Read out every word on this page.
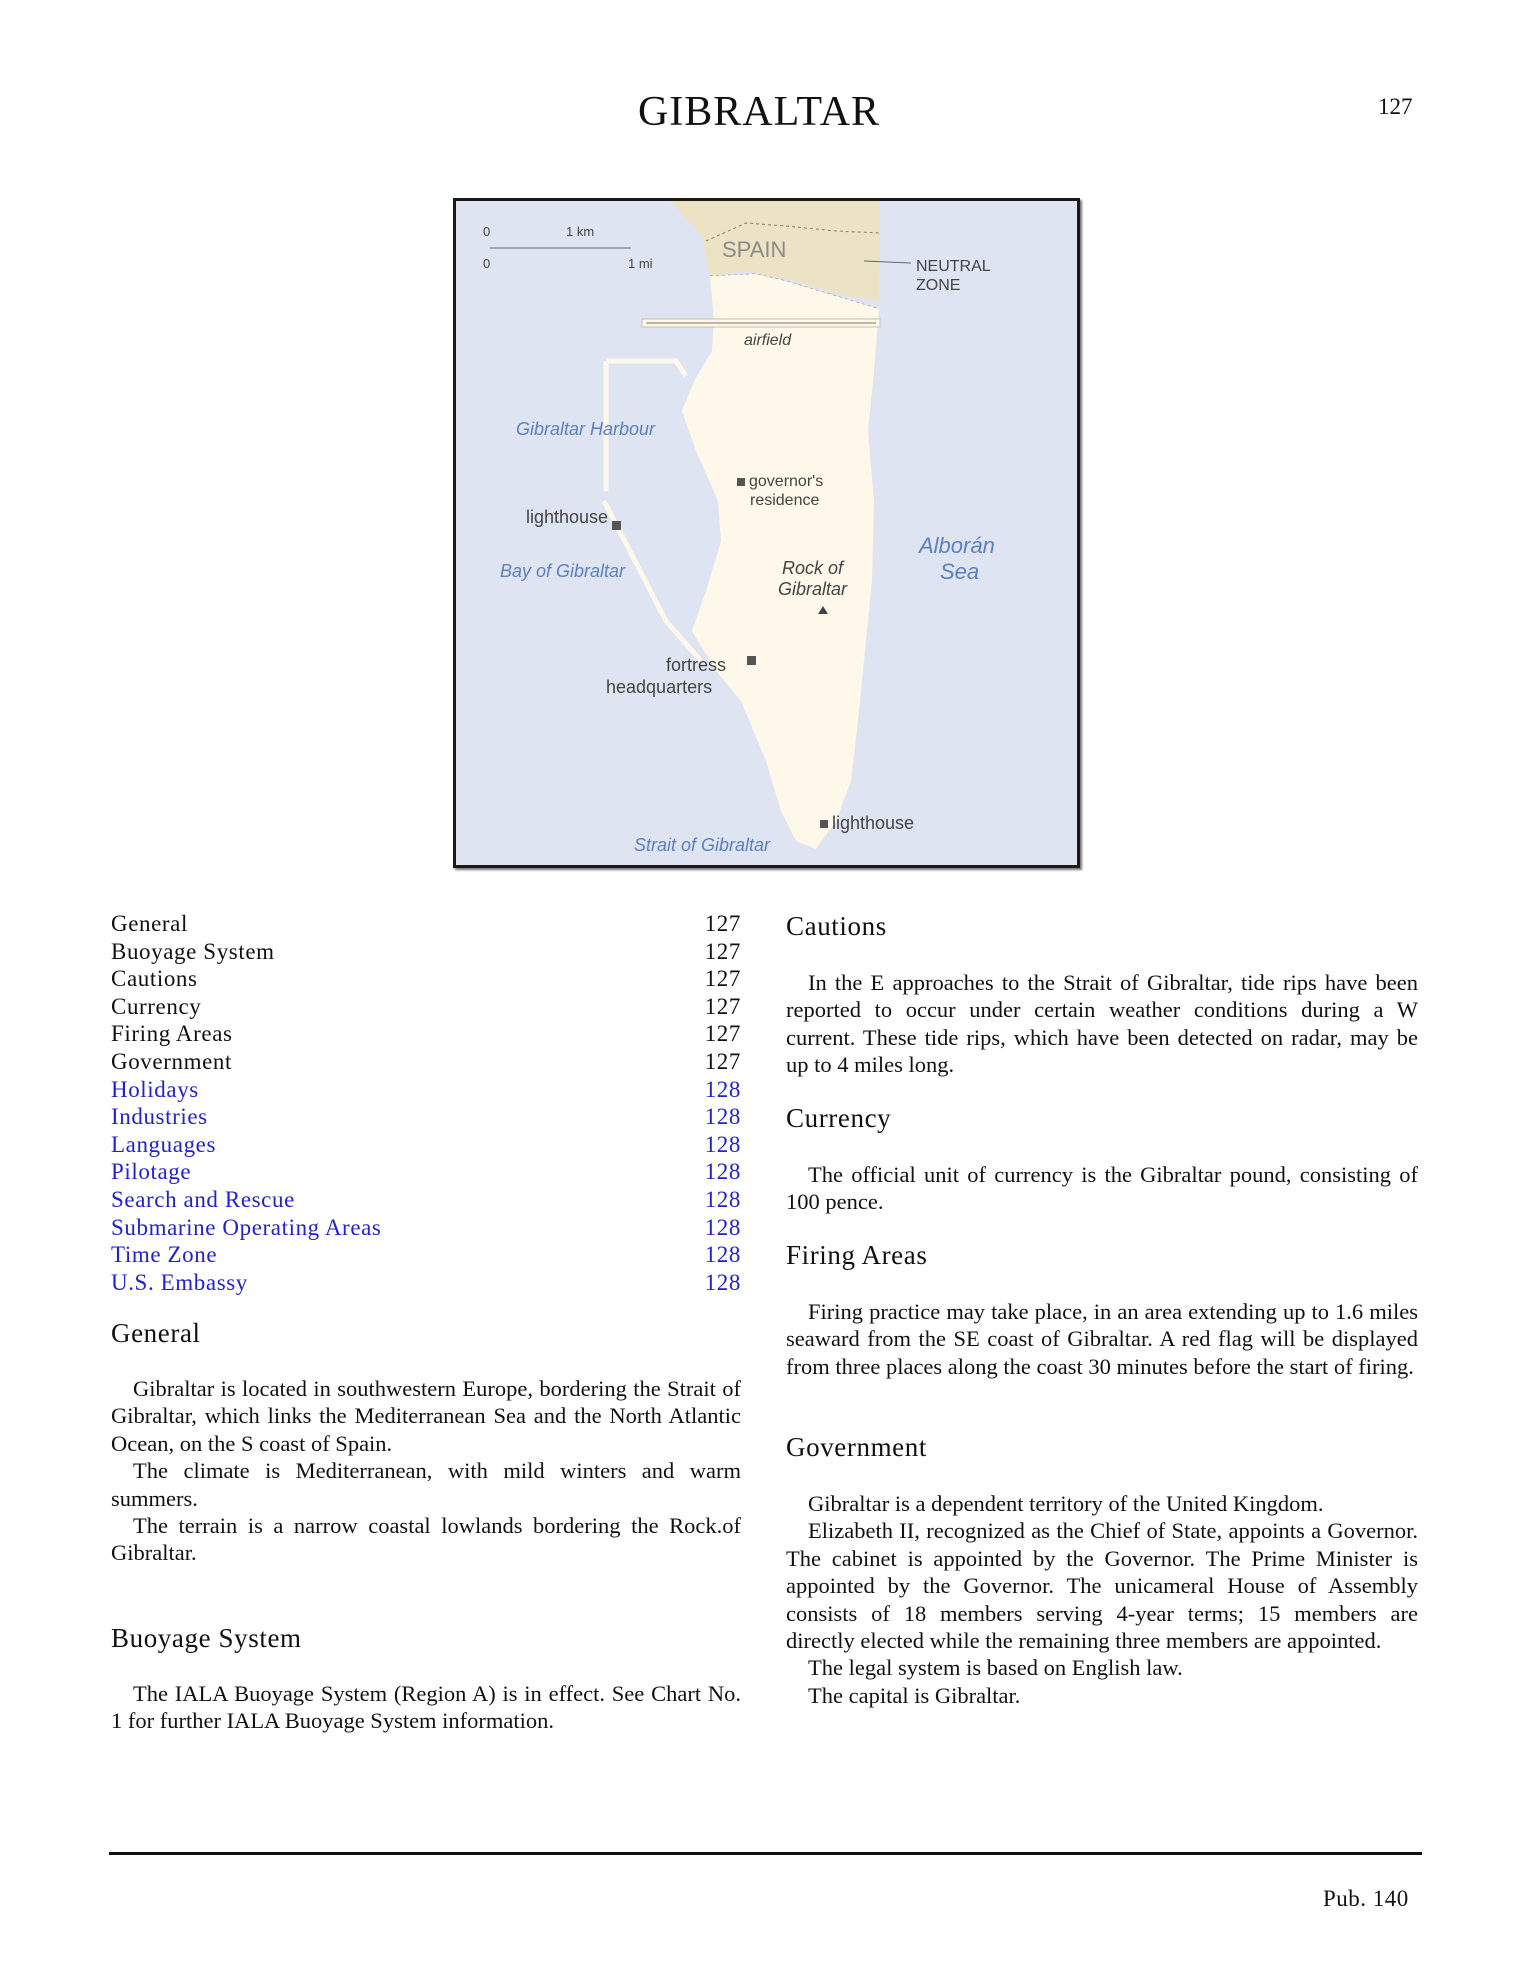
GIBRALTAR	127
0	1 km
0	1 mi
SPAIN
NEUTRAL
ZONE
airfield
Gibraltar Harbour
governor's
residence
lighthouse
Bay of Gibraltar	Rock of
Gibraltar
Alborán
Sea
fortress
headquarters
lighthouse
Strait of Gibraltar
General	127
Buoyage System	127
Cautions	127
Currency	127
Firing Areas	127
Government	127
Holidays	128
Industries	128
Languages	128
Pilotage	128
Search and Rescue	128
Submarine Operating Areas	128
Time Zone	128
U.S. Embassy	128
General

Gibraltar is located in southwestern Europe, bordering the Strait of Gibraltar, which links the Mediterranean Sea and the North Atlantic Ocean, on the S coast of Spain.

The climate is Mediterranean, with mild winters and warm summers.

The terrain is a narrow coastal lowlands bordering the Rock.of Gibraltar.

Buoyage System

The IALA Buoyage System (Region A) is in effect. See Chart No. 1 for further IALA Buoyage System information.

Cautions

In the E approaches to the Strait of Gibraltar, tide rips have been reported to occur under certain weather conditions during a W current. These tide rips, which have been detected on radar, may be up to 4 miles long.

Currency

The official unit of currency is the Gibraltar pound, consisting of 100 pence.

Firing Areas

Firing practice may take place, in an area extending up to 1.6 miles seaward from the SE coast of Gibraltar. A red flag will be displayed from three places along the coast 30 minutes before the start of firing.

Government

Gibraltar is a dependent territory of the United Kingdom.

Elizabeth II, recognized as the Chief of State, appoints a Governor. The cabinet is appointed by the Governor. The Prime Minister is appointed by the Governor. The unicameral House of Assembly consists of 18 members serving 4-year terms; 15 members are directly elected while the remaining three members are appointed.

The legal system is based on English law.

The capital is Gibraltar.

Pub. 140
